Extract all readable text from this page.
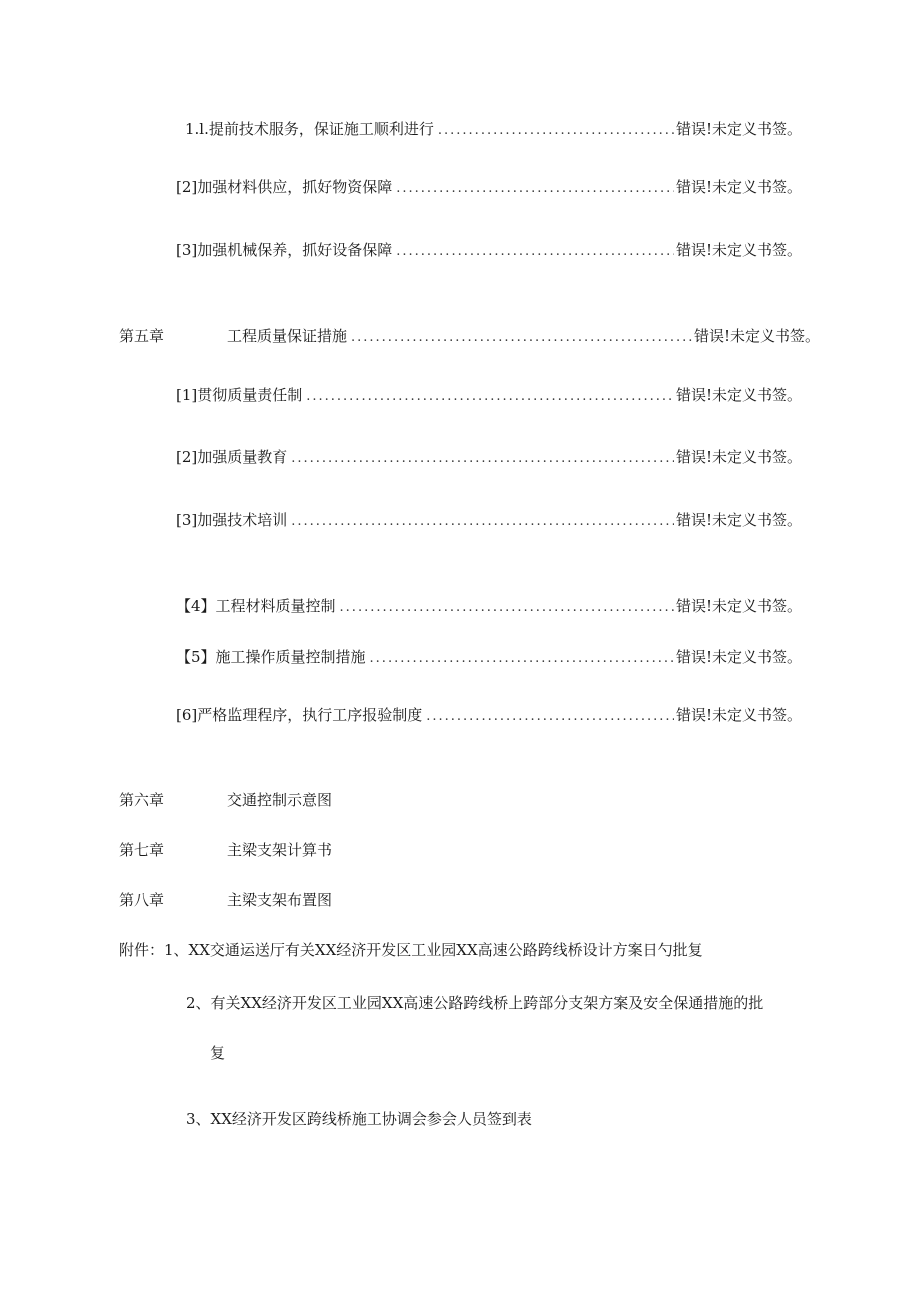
1.l.提前技术服务，保证施工顺利进行 .....	错误!未定义书签。
[2]加强材料供应，抓好物资保障 .....	错误!未定义书签。
[3]加强机械保养，抓好设备保障 .....	错误!未定义书签。
第五章	工程质量保证措施 .....	错误!未定义书签。
[1]贯彻质量责任制 .....	错误!未定义书签。
[2]加强质量教育 .....	错误!未定义书签。
[3]加强技术培训 .....	错误!未定义书签。
【4】工程材料质量控制 .....	错误!未定义书签。
【5】施工操作质量控制措施 .....	错误!未定义书签。
[6]严格监理程序，执行工序报验制度 .....	错误!未定义书签。
第六章	交通控制示意图
第七章	主梁支架计算书
第八章	主梁支架布置图
附件：1、XX交通运送厅有关XX经济开发区工业园XX高速公路跨线桥设计方案日勺批复
2、有关XX经济开发区工业园XX高速公路跨线桥上跨部分支架方案及安全保通措施的批
复
3、XX经济开发区跨线桥施工协调会参会人员签到表
